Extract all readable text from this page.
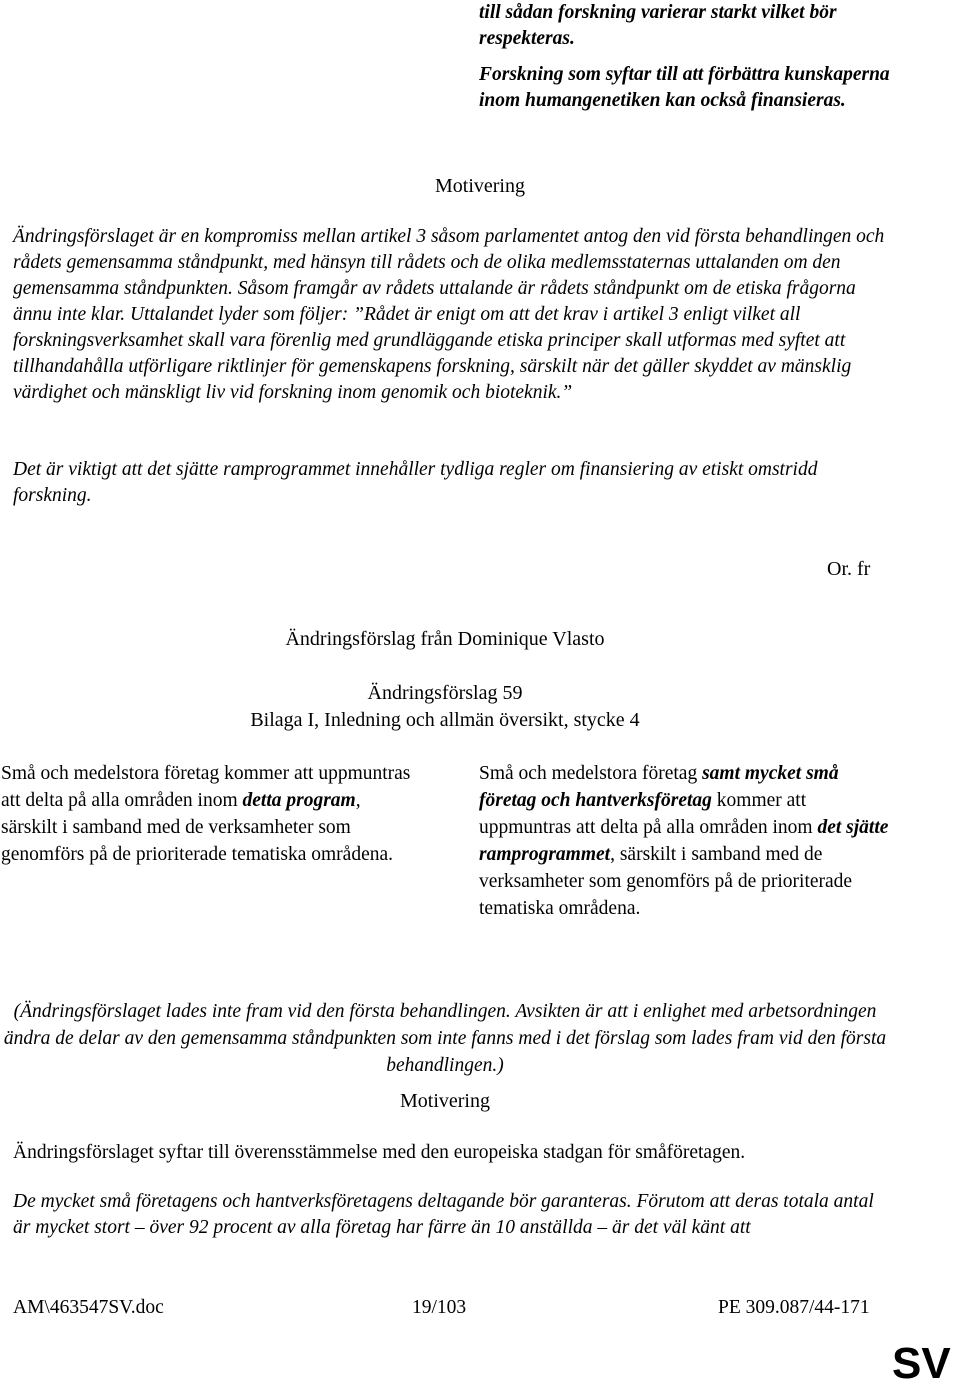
till sådan forskning varierar starkt vilket bör respekteras.

Forskning som syftar till att förbättra kunskaperna inom humangenetiken kan också finansieras.

Motivering

Ändringsförslaget är en kompromiss mellan artikel 3 såsom parlamentet antog den vid första behandlingen och rådets gemensamma ståndpunkt, med hänsyn till rådets och de olika medlemsstaternas uttalanden om den gemensamma ståndpunkten. Såsom framgår av rådets uttalande är rådets ståndpunkt om de etiska frågorna ännu inte klar. Uttalandet lyder som följer: ”Rådet är enigt om att det krav i artikel 3 enligt vilket all forskningsverksamhet skall vara förenlig med grundläggande etiska principer skall utformas med syftet att tillhandahålla utförligare riktlinjer för gemenskapens forskning, särskilt när det gäller skyddet av mänsklig värdighet och mänskligt liv vid forskning inom genomik och bioteknik.”

Det är viktigt att det sjätte ramprogrammet innehåller tydliga regler om finansiering av etiskt omstridd forskning.

Or. fr
Ändringsförslag från Dominique Vlasto
Ändringsförslag 59
Bilaga I, Inledning och allmän översikt, stycke 4
Små och medelstora företag kommer att uppmuntras att delta på alla områden inom detta program, särskilt i samband med de verksamheter som genomförs på de prioriterade tematiska områdena.
Små och medelstora företag samt mycket små företag och hantverksföretag kommer att uppmuntras att delta på alla områden inom det sjätte ramprogrammet, särskilt i samband med de verksamheter som genomförs på de prioriterade tematiska områdena.

(Ändringsförslaget lades inte fram vid den första behandlingen. Avsikten är att i enlighet med arbetsordningen ändra de delar av den gemensamma ståndpunkten som inte fanns med i det förslag som lades fram vid den första behandlingen.)

Motivering

Ändringsförslaget syftar till överensstämmelse med den europeiska stadgan för småföretagen.

De mycket små företagens och hantverksföretagens deltagande bör garanteras. Förutom att deras totala antal är mycket stort – över 92 procent av alla företag har färre än 10 anställda – är det väl känt att

AM\463547SV.doc	19/103	PE 309.087/44-171
SV
